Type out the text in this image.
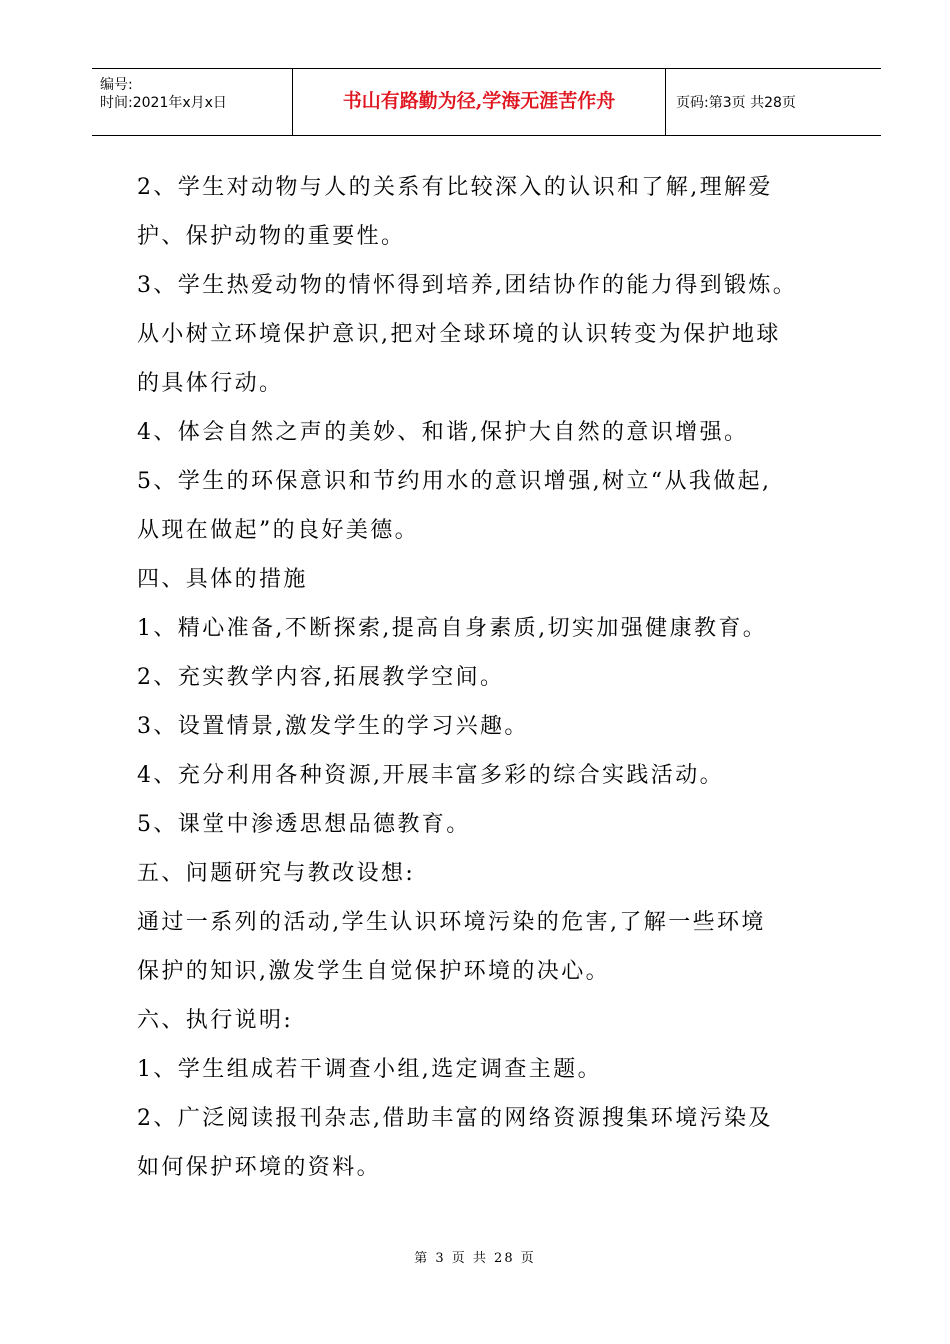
编号:
时间:2021年x月x日	书山有路勤为径,学海无涯苦作舟	页码:第3页 共28页
2、学生对动物与人的关系有比较深入的认识和了解,理解爱
护、保护动物的重要性。
3、学生热爱动物的情怀得到培养,团结协作的能力得到锻炼。
从小树立环境保护意识,把对全球环境的认识转变为保护地球
的具体行动。
4、体会自然之声的美妙、和谐,保护大自然的意识增强。
5、学生的环保意识和节约用水的意识增强,树立“从我做起,
从现在做起”的良好美德。
四、具体的措施
1、精心准备,不断探索,提高自身素质,切实加强健康教育。
2、充实教学内容,拓展教学空间。
3、设置情景,激发学生的学习兴趣。
4、充分利用各种资源,开展丰富多彩的综合实践活动。
5、课堂中渗透思想品德教育。
五、问题研究与教改设想:
通过一系列的活动,学生认识环境污染的危害,了解一些环境
保护的知识,激发学生自觉保护环境的决心。
六、执行说明:
1、学生组成若干调查小组,选定调查主题。
2、广泛阅读报刊杂志,借助丰富的网络资源搜集环境污染及
如何保护环境的资料。
第 3 页 共 28 页
